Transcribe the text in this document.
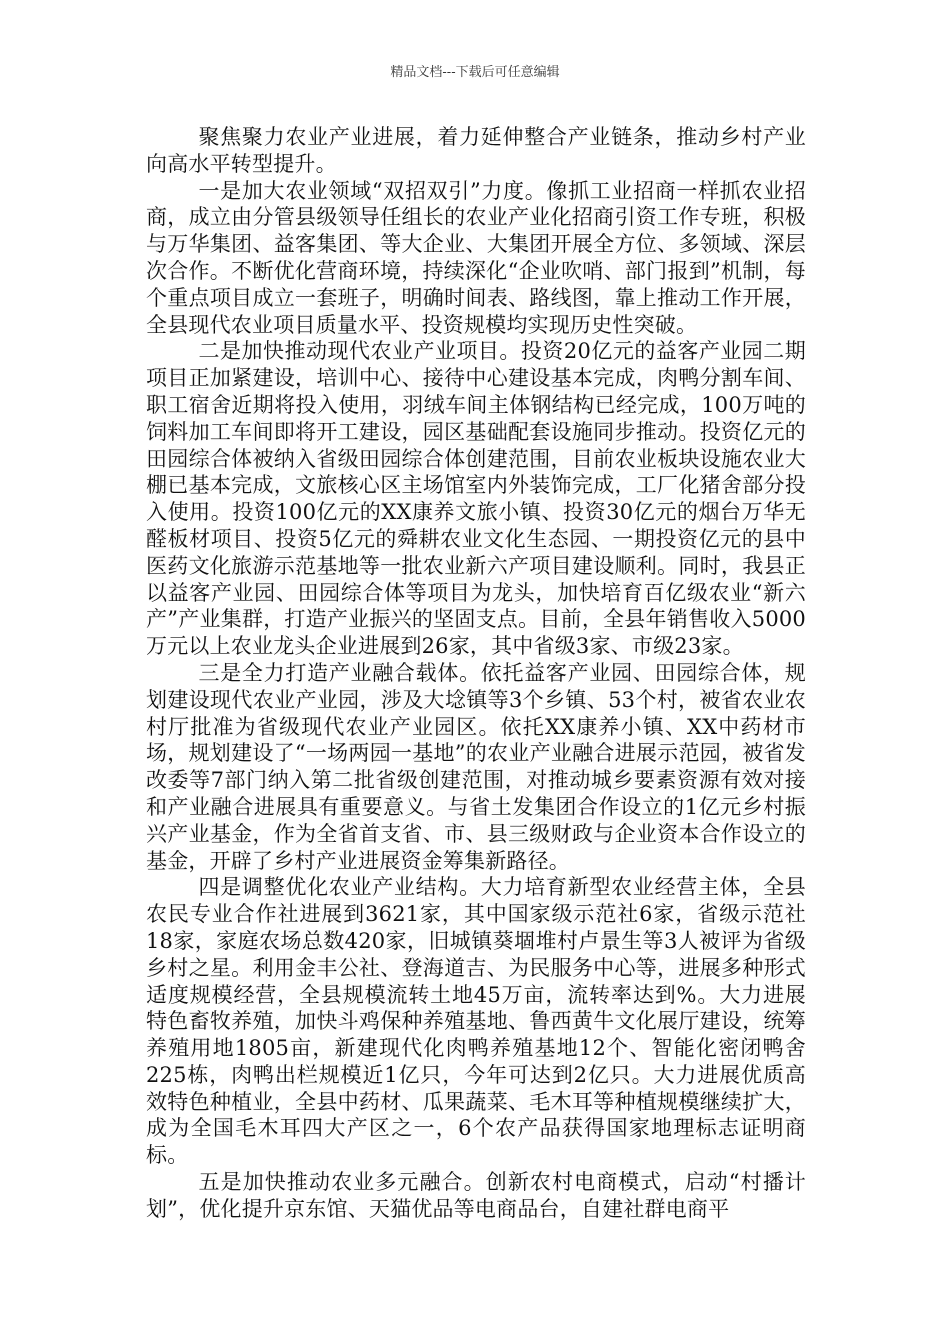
精品文档---下载后可任意编辑

聚焦聚力农业产业进展，着力延伸整合产业链条，推动乡村产业向高水平转型提升。

一是加大农业领域“双招双引”力度。像抓工业招商一样抓农业招商，成立由分管县级领导任组长的农业产业化招商引资工作专班，积极与万华集团、益客集团、等大企业、大集团开展全方位、多领域、深层次合作。不断优化营商环境，持续深化“企业吹哨、部门报到”机制，每个重点项目成立一套班子，明确时间表、路线图，靠上推动工作开展，全县现代农业项目质量水平、投资规模均实现历史性突破。

二是加快推动现代农业产业项目。投资20亿元的益客产业园二期项目正加紧建设，培训中心、接待中心建设基本完成，肉鸭分割车间、职工宿舍近期将投入使用，羽绒车间主体钢结构已经完成，100万吨的饲料加工车间即将开工建设，园区基础配套设施同步推动。投资亿元的田园综合体被纳入省级田园综合体创建范围，目前农业板块设施农业大棚已基本完成，文旅核心区主场馆室内外装饰完成，工厂化猪舍部分投入使用。投资100亿元的XX康养文旅小镇、投资30亿元的烟台万华无醛板材项目、投资5亿元的舜耕农业文化生态园、一期投资亿元的县中医药文化旅游示范基地等一批农业新六产项目建设顺利。同时，我县正以益客产业园、田园综合体等项目为龙头，加快培育百亿级农业“新六产”产业集群，打造产业振兴的坚固支点。目前，全县年销售收入5000万元以上农业龙头企业进展到26家，其中省级3家、市级23家。

三是全力打造产业融合载体。依托益客产业园、田园综合体，规划建设现代农业产业园，涉及大埝镇等3个乡镇、53个村，被省农业农村厅批准为省级现代农业产业园区。依托XX康养小镇、XX中药材市场，规划建设了“一场两园一基地”的农业产业融合进展示范园，被省发改委等7部门纳入第二批省级创建范围，对推动城乡要素资源有效对接和产业融合进展具有重要意义。与省土发集团合作设立的1亿元乡村振兴产业基金，作为全省首支省、市、县三级财政与企业资本合作设立的基金，开辟了乡村产业进展资金筹集新路径。

四是调整优化农业产业结构。大力培育新型农业经营主体，全县农民专业合作社进展到3621家，其中国家级示范社6家，省级示范社18家，家庭农场总数420家，旧城镇葵堌堆村卢景生等3人被评为省级乡村之星。利用金丰公社、登海道吉、为民服务中心等，进展多种形式适度规模经营，全县规模流转土地45万亩，流转率达到%。大力进展特色畜牧养殖，加快斗鸡保种养殖基地、鲁西黄牛文化展厅建设，统筹养殖用地1805亩，新建现代化肉鸭养殖基地12个、智能化密闭鸭舍225栋，肉鸭出栏规模近1亿只，今年可达到2亿只。大力进展优质高效特色种植业，全县中药材、瓜果蔬菜、毛木耳等种植规模继续扩大，成为全国毛木耳四大产区之一，6个农产品获得国家地理标志证明商标。

五是加快推动农业多元融合。创新农村电商模式，启动“村播计划”，优化提升京东馆、天猫优品等电商品台，自建社群电商平
